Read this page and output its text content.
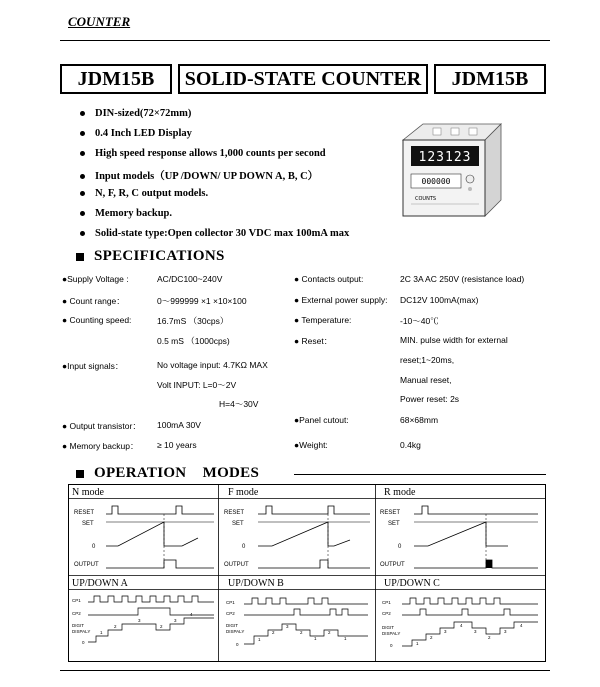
COUNTER
JDM15B	SOLID-STATE COUNTER	JDM15B
DIN-sized(72×72mm)
0.4 Inch LED Display
High speed response allows 1,000 counts per second
Input models（UP /DOWN/ UP DOWN A, B, C）
N, F, R, C output models.
Memory backup.
Solid-state type:Open collector 30 VDC max 100mA max
123123
000000
COUNTS
SPECIFICATIONS
●Supply Voltage :	AC/DC100~240V
● Count range：	0～999999 ×1 ×10×100
● Counting speed:	16.7mS （30cps）
0.5 mS （1000cps)
●Input signals：	No voltage input: 4.7KΩ MAX
Volt INPUT: L=0～2V
H=4～30V
● Output transistor： 100mA 30V
● Memory backup： ≥ 10 years
● Contacts output:	2C 3A AC 250V (resistance load)
● External power supply: DC12V 100mA(max)
● Temperature:	-10～40℃
● Reset：	MIN. pulse width for external
reset;1~20ms,
Manual reset,
Power reset: 2s
●Panel cutout:	68×68mm
●Weight:	0.4kg
OPERATION    MODES
N mode	F mode	R mode
UP/DOWN A	UP/DOWN B	UP/DOWN C
RESET
SET
0
OUTPUT
RESET
SET
0
OUTPUT
RESET
SET
0
OUTPUT
CP1
CP2
DIGIT
DISPALY
0
1
2
3
2
3
4
CP1
CP2
DIGIT
DISPALY
0
1
2
3
2
1
2
1
CP1
CP2
DIGIT
DISPALY
0	1
2
3
4
3
2
3
4
